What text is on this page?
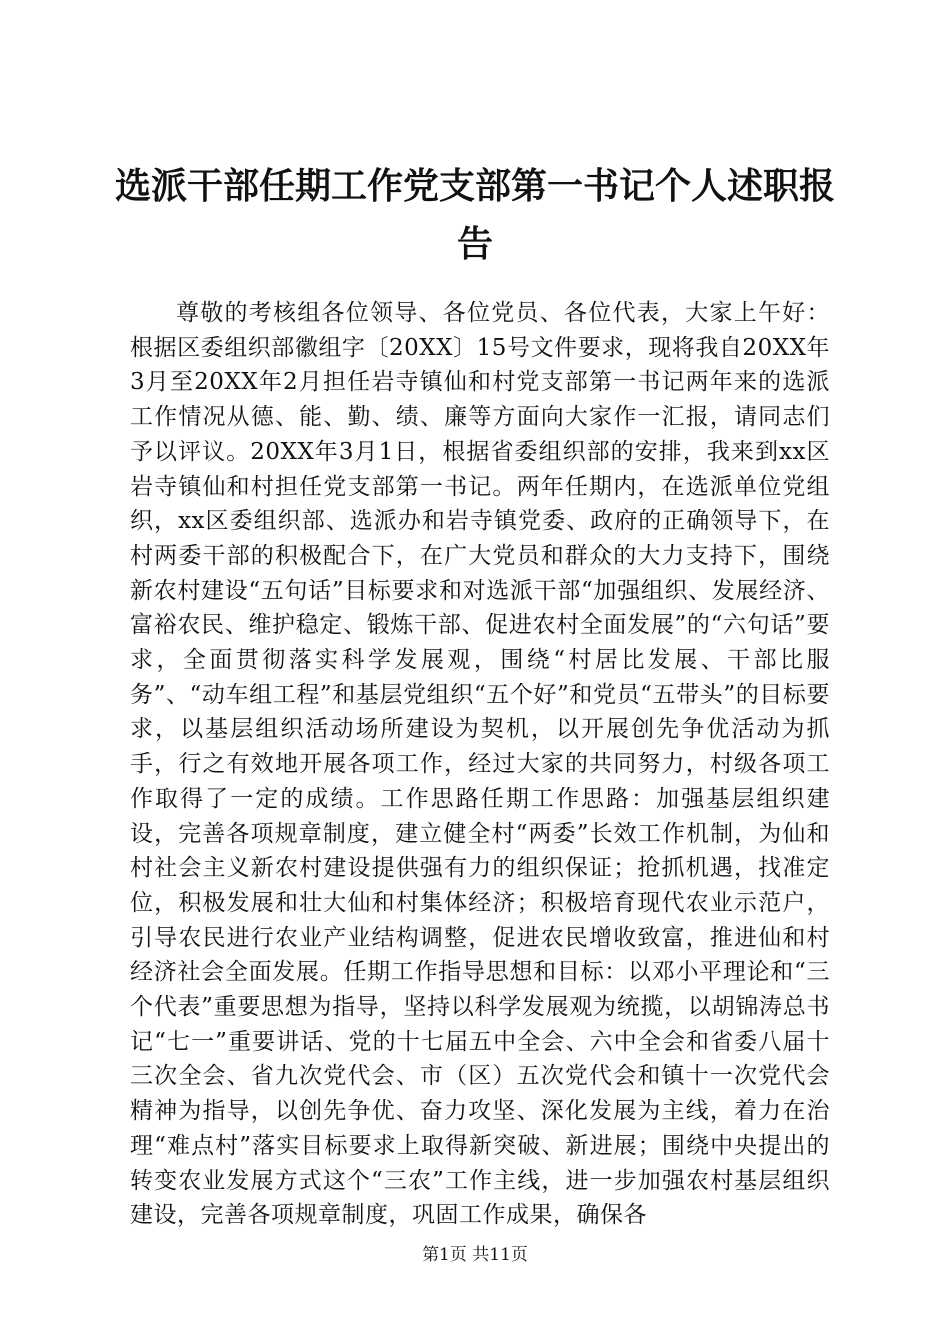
选派干部任期工作党支部第一书记个人述职报告

尊敬的考核组各位领导、各位党员、各位代表，大家上午好：根据区委组织部徽组字〔20XX〕15号文件要求，现将我自20XX年3月至20XX年2月担任岩寺镇仙和村党支部第一书记两年来的选派工作情况从德、能、勤、绩、廉等方面向大家作一汇报，请同志们予以评议。20XX年3月1日，根据省委组织部的安排，我来到xx区岩寺镇仙和村担任党支部第一书记。两年任期内，在选派单位党组织，xx区委组织部、选派办和岩寺镇党委、政府的正确领导下，在村两委干部的积极配合下，在广大党员和群众的大力支持下，围绕新农村建设“五句话”目标要求和对选派干部“加强组织、发展经济、富裕农民、维护稳定、锻炼干部、促进农村全面发展”的“六句话”要求，全面贯彻落实科学发展观，围绕“村居比发展、干部比服务”、“动车组工程”和基层党组织“五个好”和党员“五带头”的目标要求，以基层组织活动场所建设为契机，以开展创先争优活动为抓手，行之有效地开展各项工作，经过大家的共同努力，村级各项工作取得了一定的成绩。工作思路任期工作思路：加强基层组织建设，完善各项规章制度，建立健全村“两委”长效工作机制，为仙和村社会主义新农村建设提供强有力的组织保证；抢抓机遇，找准定位，积极发展和壮大仙和村集体经济；积极培育现代农业示范户，引导农民进行农业产业结构调整，促进农民增收致富，推进仙和村经济社会全面发展。任期工作指导思想和目标：以邓小平理论和“三个代表”重要思想为指导，坚持以科学发展观为统揽，以胡锦涛总书记“七一”重要讲话、党的十七届五中全会、六中全会和省委八届十三次全会、省九次党代会、市（区）五次党代会和镇十一次党代会精神为指导，以创先争优、奋力攻坚、深化发展为主线，着力在治理“难点村”落实目标要求上取得新突破、新进展；围绕中央提出的转变农业发展方式这个“三农”工作主线，进一步加强农村基层组织建设，完善各项规章制度，巩固工作成果，确保各

第1页 共11页
